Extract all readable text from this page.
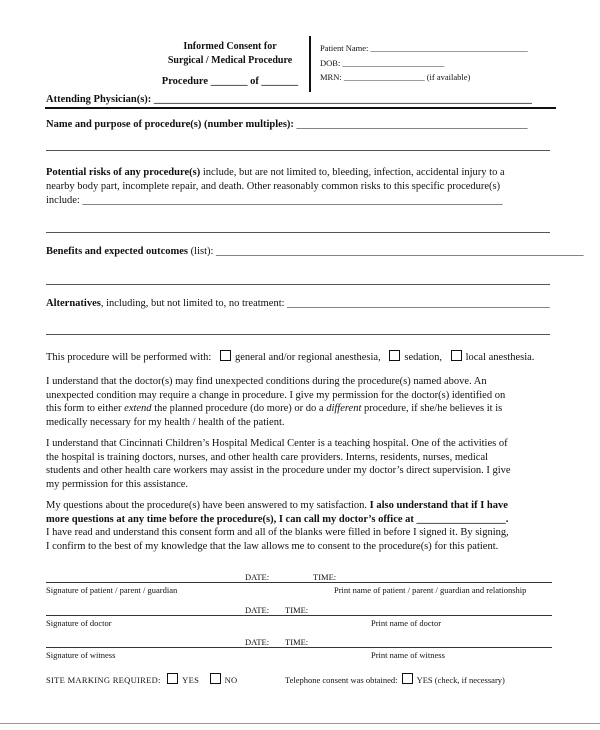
Informed Consent for
Surgical / Medical Procedure
Procedure _______ of _______
Patient Name: _____________________________________
DOB: ________________________
MRN: ___________________ (if available)
Attending Physician(s): ________________________________________________________________________
Name and purpose of procedure(s) (number multiples): ____________________________________________
Potential risks of any procedure(s) include, but are not limited to, bleeding, infection, accidental injury to a
nearby body part, incomplete repair, and death. Other reasonably common risks to this specific procedure(s)
include: ________________________________________________________________________________
Benefits and expected outcomes (list): ______________________________________________________________________
Alternatives, including, but not limited to, no treatment: __________________________________________________
This procedure will be performed with: general and/or regional anesthesia, sedation, local anesthesia.
I understand that the doctor(s) may find unexpected conditions during the procedure(s) named above. An
unexpected condition may require a change in procedure. I give my permission for the doctor(s) identified on
this form to either extend the planned procedure (do more) or do a different procedure, if she/he believes it is
medically necessary for my health / health of the patient.
I understand that Cincinnati Children’s Hospital Medical Center is a teaching hospital. One of the activities of
the hospital is training doctors, nurses, and other health care providers. Interns, residents, nurses, medical
students and other health care workers may assist in the procedure under my doctor’s direct supervision. I give
my permission for this assistance.
My questions about the procedure(s) have been answered to my satisfaction. I also understand that if I have
more questions at any time before the procedure(s), I can call my doctor’s office at _________________.
I have read and understand this consent form and all of the blanks were filled in before I signed it. By signing,
I confirm to the best of my knowledge that the law allows me to consent to the procedure(s) for this patient.
DATE:	TIME:
Signature of patient / parent / guardian	Print name of patient / parent / guardian and relationship
DATE: TIME:
Signature of doctor	Print name of doctor
DATE: TIME:
Signature of witness	Print name of witness
SITE MARKING REQUIRED:	YES	NO	Telephone consent was obtained: YES (check, if necessary)
